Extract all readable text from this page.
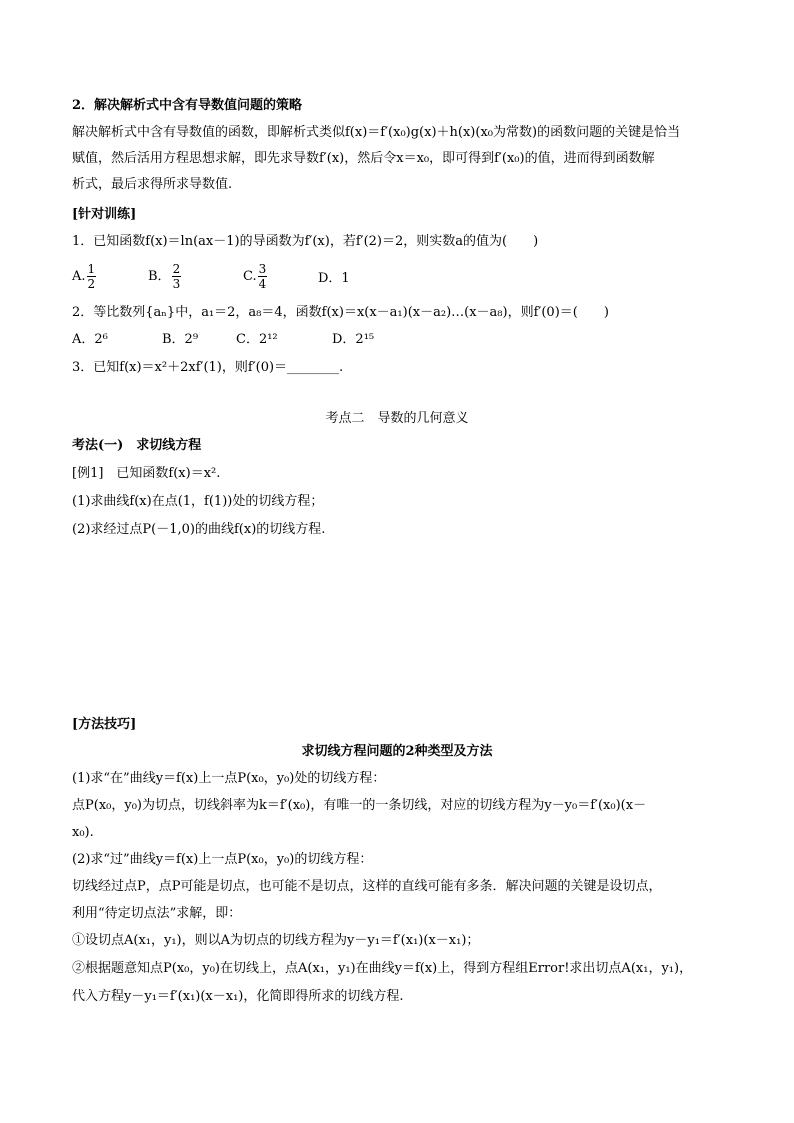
2．解决解析式中含有导数值问题的策略
解决解析式中含有导数值的函数，即解析式类似f(x)＝f′(x₀)g(x)＋h(x)(x₀为常数)的函数问题的关键是恰当
赋值，然后活用方程思想求解，即先求导数f′(x)，然后令x＝x₀，即可得到f′(x₀)的值，进而得到函数解
析式，最后求得所求导数值.
[针对训练]
1．已知函数f(x)＝ln(ax－1)的导函数为f′(x)，若f′(2)＝2，则实数a的值为(　　)
A. $\frac{1}{2}$	B． $\frac{2}{3}$	C. $\frac{3}{4}$	D．1
2．等比数列{aₙ}中，a₁＝2，a₈＝4，函数f(x)＝x(x－a₁)(x－a₂)…(x－a₈)，则f′(0)＝(　　)
A．2⁶	B．2⁹	C．2¹²	D．2¹⁵
3．已知f(x)＝x²＋2xf′(1)，则f′(0)＝________.
考点二　导数的几何意义
考法(一)　求切线方程
[例1]　已知函数f(x)＝x².
(1)求曲线f(x)在点(1，f(1))处的切线方程；
(2)求经过点P(－1,0)的曲线f(x)的切线方程.
[方法技巧]
求切线方程问题的2种类型及方法
(1)求“在”曲线y＝f(x)上一点P(x₀，y₀)处的切线方程：
点P(x₀，y₀)为切点，切线斜率为k＝f′(x₀)，有唯一的一条切线，对应的切线方程为y－y₀＝f′(x₀)(x－
x₀).
(2)求“过”曲线y＝f(x)上一点P(x₀，y₀)的切线方程：
切线经过点P，点P可能是切点，也可能不是切点，这样的直线可能有多条．解决问题的关键是设切点，
利用“待定切点法”求解，即：
①设切点A(x₁，y₁)，则以A为切点的切线方程为y－y₁＝f′(x₁)(x－x₁)；
②根据题意知点P(x₀，y₀)在切线上，点A(x₁，y₁)在曲线y＝f(x)上，得到方程组Error!求出切点A(x₁，y₁)，
代入方程y－y₁＝f′(x₁)(x－x₁)，化简即得所求的切线方程.
